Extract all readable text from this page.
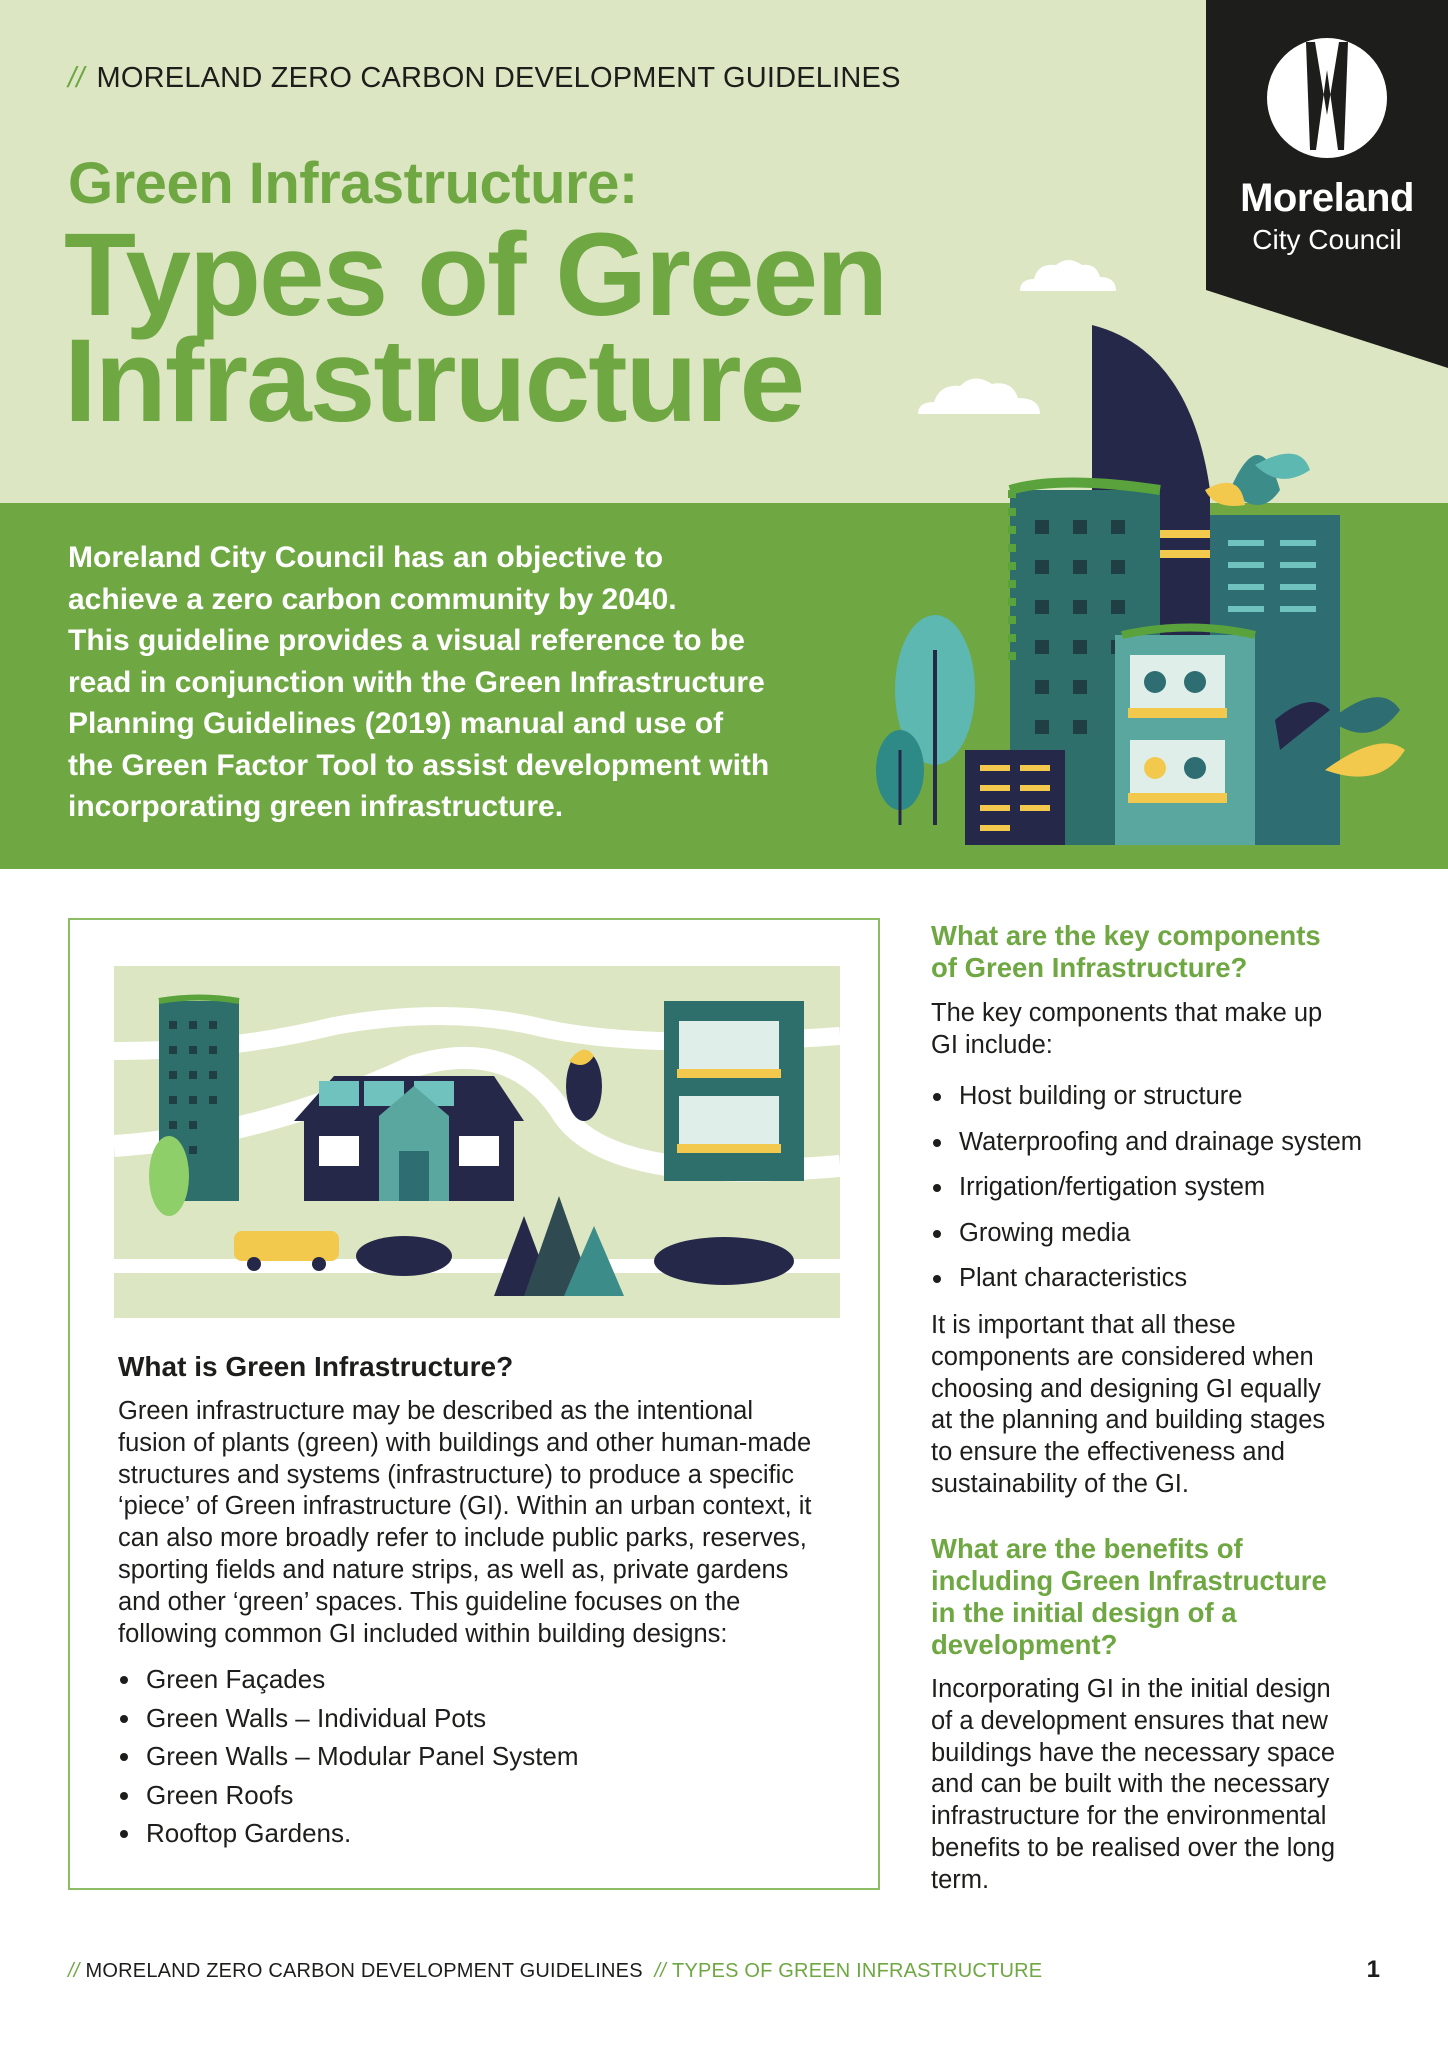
Moreland
City Council
// MORELAND ZERO CARBON DEVELOPMENT GUIDELINES
Green Infrastructure:
Types of Green
Infrastructure
Moreland City Council has an objective to
achieve a zero carbon community by 2040.
This guideline provides a visual reference to be
read in conjunction with the Green Infrastructure
Planning Guidelines (2019) manual and use of
the Green Factor Tool to assist development with
incorporating green infrastructure.
What is Green Infrastructure?
Green infrastructure may be described as the intentional
fusion of plants (green) with buildings and other human-made
structures and systems (infrastructure) to produce a specific
‘piece’ of Green infrastructure (GI). Within an urban context, it
can also more broadly refer to include public parks, reserves,
sporting fields and nature strips, as well as, private gardens
and other ‘green’ spaces. This guideline focuses on the
following common GI included within building designs:
Green Façades
Green Walls – Individual Pots
Green Walls – Modular Panel System
Green Roofs
Rooftop Gardens.
What are the key components
of Green Infrastructure?
The key components that make up
GI include:
Host building or structure
Waterproofing and drainage system
Irrigation/fertigation system
Growing media
Plant characteristics
It is important that all these
components are considered when
choosing and designing GI equally
at the planning and building stages
to ensure the effectiveness and
sustainability of the GI.
What are the benefits of
including Green Infrastructure
in the initial design of a
development?
Incorporating GI in the initial design
of a development ensures that new
buildings have the necessary space
and can be built with the necessary
infrastructure for the environmental
benefits to be realised over the long
term.
// MORELAND ZERO CARBON DEVELOPMENT GUIDELINES // TYPES OF GREEN INFRASTRUCTURE	1
